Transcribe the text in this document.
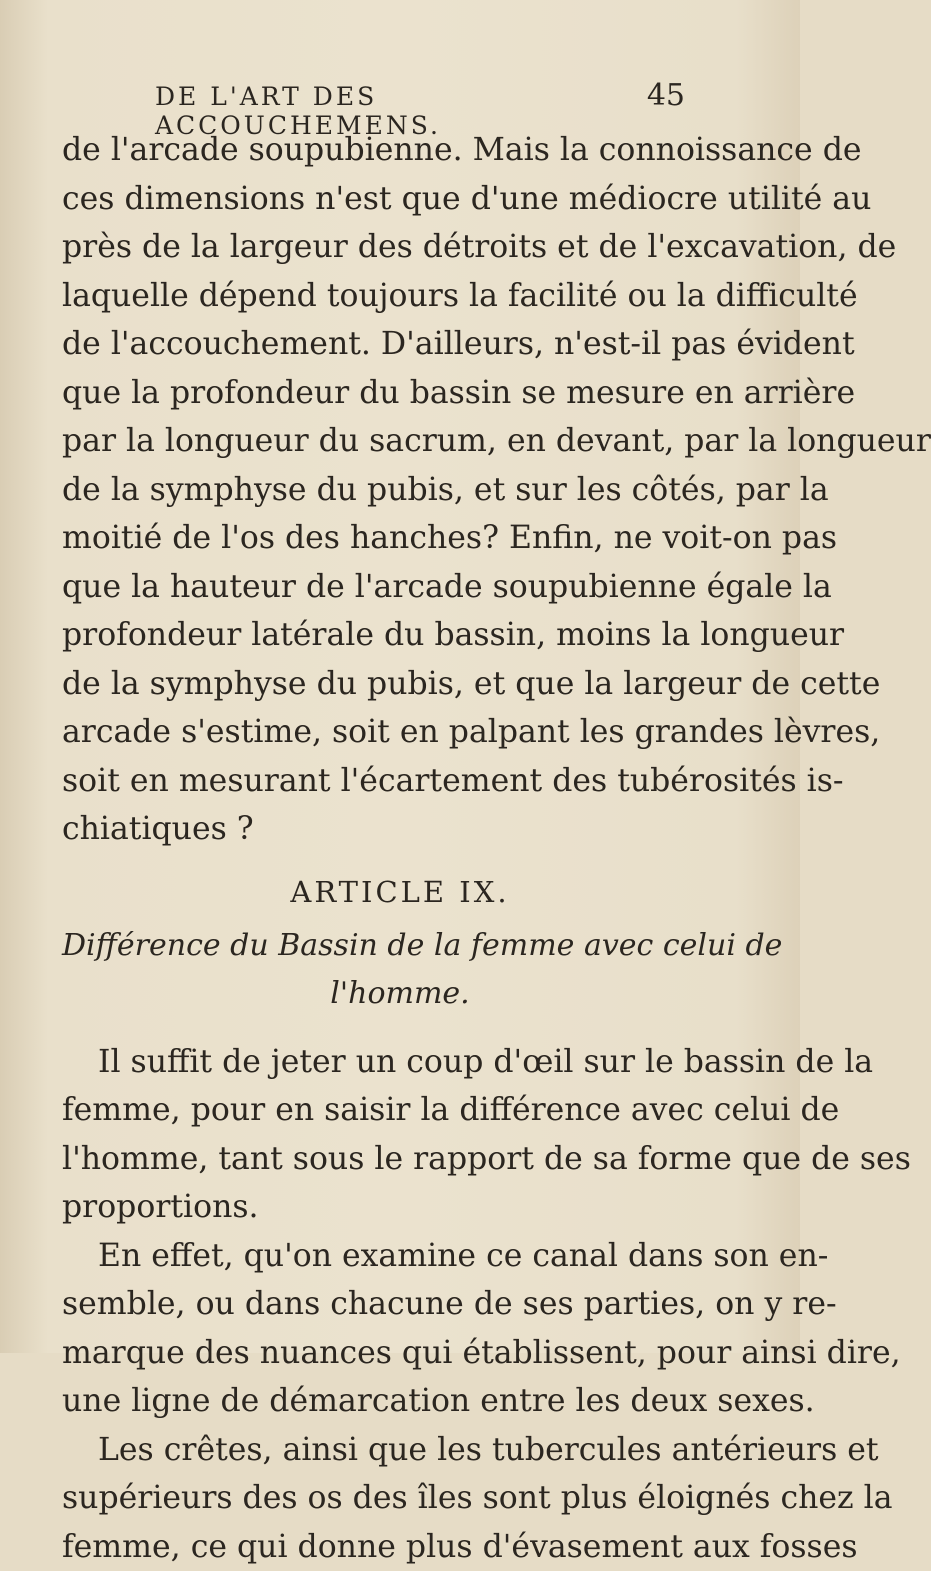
DE L'ART DES ACCOUCHEMENS.
45

de l'arcade soupubienne. Mais la connoissance de
ces dimensions n'est que d'une médiocre utilité au
près de la largeur des détroits et de l'excavation, de
laquelle dépend toujours la facilité ou la difficulté
de l'accouchement. D'ailleurs, n'est-il pas évident
que la profondeur du bassin se mesure en arrière
par la longueur du sacrum, en devant, par la longueur
de la symphyse du pubis, et sur les côtés, par la
moitié de l'os des hanches? Enfin, ne voit-on pas
que la hauteur de l'arcade soupubienne égale la
profondeur latérale du bassin, moins la longueur
de la symphyse du pubis, et que la largeur de cette
arcade s'estime, soit en palpant les grandes lèvres,
soit en mesurant l'écartement des tubérosités is-
chiatiques ?

ARTICLE IX.
Différence du Bassin de la femme avec celui de
l'homme.

Il suffit de jeter un coup d'œil sur le bassin de la
femme, pour en saisir la différence avec celui de
l'homme, tant sous le rapport de sa forme que de ses
proportions.

En effet, qu'on examine ce canal dans son en-
semble, ou dans chacune de ses parties, on y re-
marque des nuances qui établissent, pour ainsi dire,
une ligne de démarcation entre les deux sexes.

Les crêtes, ainsi que les tubercules antérieurs et
supérieurs des os des îles sont plus éloignés chez la
femme, ce qui donne plus d'évasement aux fosses
